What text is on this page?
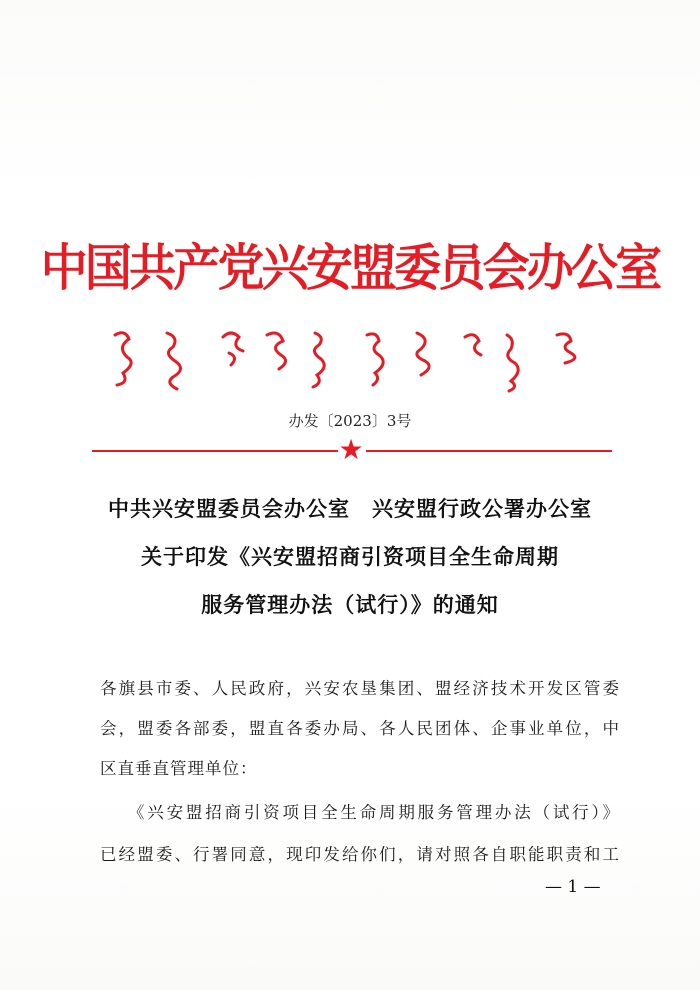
中国共产党兴安盟委员会办公室
办发〔2023〕3号
★
中共兴安盟委员会办公室　兴安盟行政公署办公室
关于印发《兴安盟招商引资项目全生命周期
服务管理办法（试行）》的通知
各旗县市委、人民政府，兴安农垦集团、盟经济技术开发区管委
会，盟委各部委，盟直各委办局、各人民团体、企事业单位，中
区直垂直管理单位：
《兴安盟招商引资项目全生命周期服务管理办法（试行）》
已经盟委、行署同意，现印发给你们，请对照各自职能职责和工
— 1 —
